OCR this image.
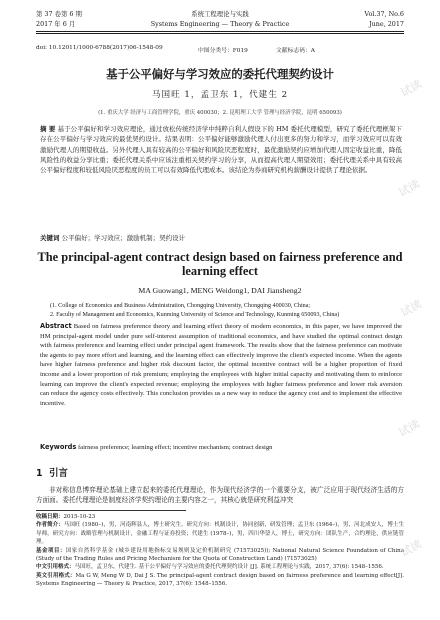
第 37 卷第 6 期	系统工程理论与实践	Vol.37, No.6
2017 年 6 月	Systems Engineering — Theory & Practice	June, 2017
doi: 10.12011/1000-6788(2017)06-1548-09	中图分类号：F019	文献标志码：A
基于公平偏好与学习效应的委托代理契约设计
马国旺 1，孟卫东 1，代建生 2
(1. 重庆大学 经济与工商管理学院，重庆 400030；2. 昆明理工大学 管理与经济学院，昆明 650093)
摘 要 基于公平偏好和学习效应理论，通过放松传统经济学中纯粹自利人假设下的 HM 委托代理模型，研究了委托代理框架下存在公平偏好与学习效应的最优契约设计。结果表明：公平偏好能够激励代理人付出更多的努力和学习，而学习效应可以有效激励代理人的期望收益。另外代理人具有较高的公平偏好和风险厌恶程度时，最优激励契约应增加代理人固定收益比重，降低风险性的收益分享比重；委托代理关系中应该注重相关契约学习的分享，从而提高代理人期望效用；委托代理关系中具有较高公平偏好程度和较低风险厌恶程度的员工可以有效降低代理成本。该结论为券商研究机构薪酬设计提供了理论依据。
关键词 公平偏好；学习效应；激励机制；契约设计
The principal-agent contract design based on fairness preference and learning effect
MA Guowang1, MENG Weidong1, DAI Jiansheng2
(1. College of Economics and Business Administration, Chongqing University, Chongqing 400030, China;
2. Faculty of Management and Economics, Kunming University of Science and Technology, Kunming 650093, China)
Abstract Based on fairness preference theory and learning effect theory of modern economics, in this paper, we have improved the HM principal-agent model under pure self-interest assumption of traditional economics, and have studied the optimal contract design with fairness preference and learning effect under principal agent framework. The results show that the fairness preference can motivate the agents to pay more effort and learning, and the learning effect can effectively improve the client's expected income. When the agents have higher fairness preference and higher risk discount factor, the optimal incentive contract will be a higher proportion of fixed income and a lower proportion of risk premium; employing the employees with higher initial capacity and motivating them to reinforce learning can improve the client's expected revenue; employing the employees with higher fairness preference and lower risk aversion can reduce the agency costs effectively. This conclusion provides us a new way to reduce the agency cost and to implement the effective incentive.
Keywords fairness preference; learning effect; incentive mechanism; contract design
1 引言
非对称信息博弈理论基础上建立起来的委托代理理论，作为现代经济学的一个重要分支，被广泛应用于现代经济生活的方方面面。委托代理理论是制度经济学契约理论的主要内容之一，其核心就是研究利益冲突
收稿日期：2015-10-23
作者简介：马国旺 (1980–)，男，河南辉县人，博士研究生，研究方向：机制设计，协同创新，研发管理；孟卫东 (1964–)，男，河北成安人，博士生导师，研究方向：战略管理与机制设计，金融工程与证券投资；代建生 (1978–)，男，四川华蓥人，博士，研究方向：团队生产，合约理论，供应链管理。
基金项目：国家自然科学基金 (城乡建设用地指标交易规则及定价机制研究 (71573025)); National Natural Science Foundation of China (Study of the Trading Rules and Pricing Mechanism for the Quota of Construction Land) (71573025)
中文引用格式：马国旺，孟卫东，代建生. 基于公平偏好与学习效应的委托代理契约设计 [J]. 系统工程理论与实践，2017, 37(6): 1548–1556.
英文引用格式：Ma G W, Meng W D, Dai J S. The principal-agent contract design based on fairness preference and learning effect[J]. Systems Engineering — Theory & Practice, 2017, 37(6): 1548–1556.
试读
试读
试读
试读
试读
